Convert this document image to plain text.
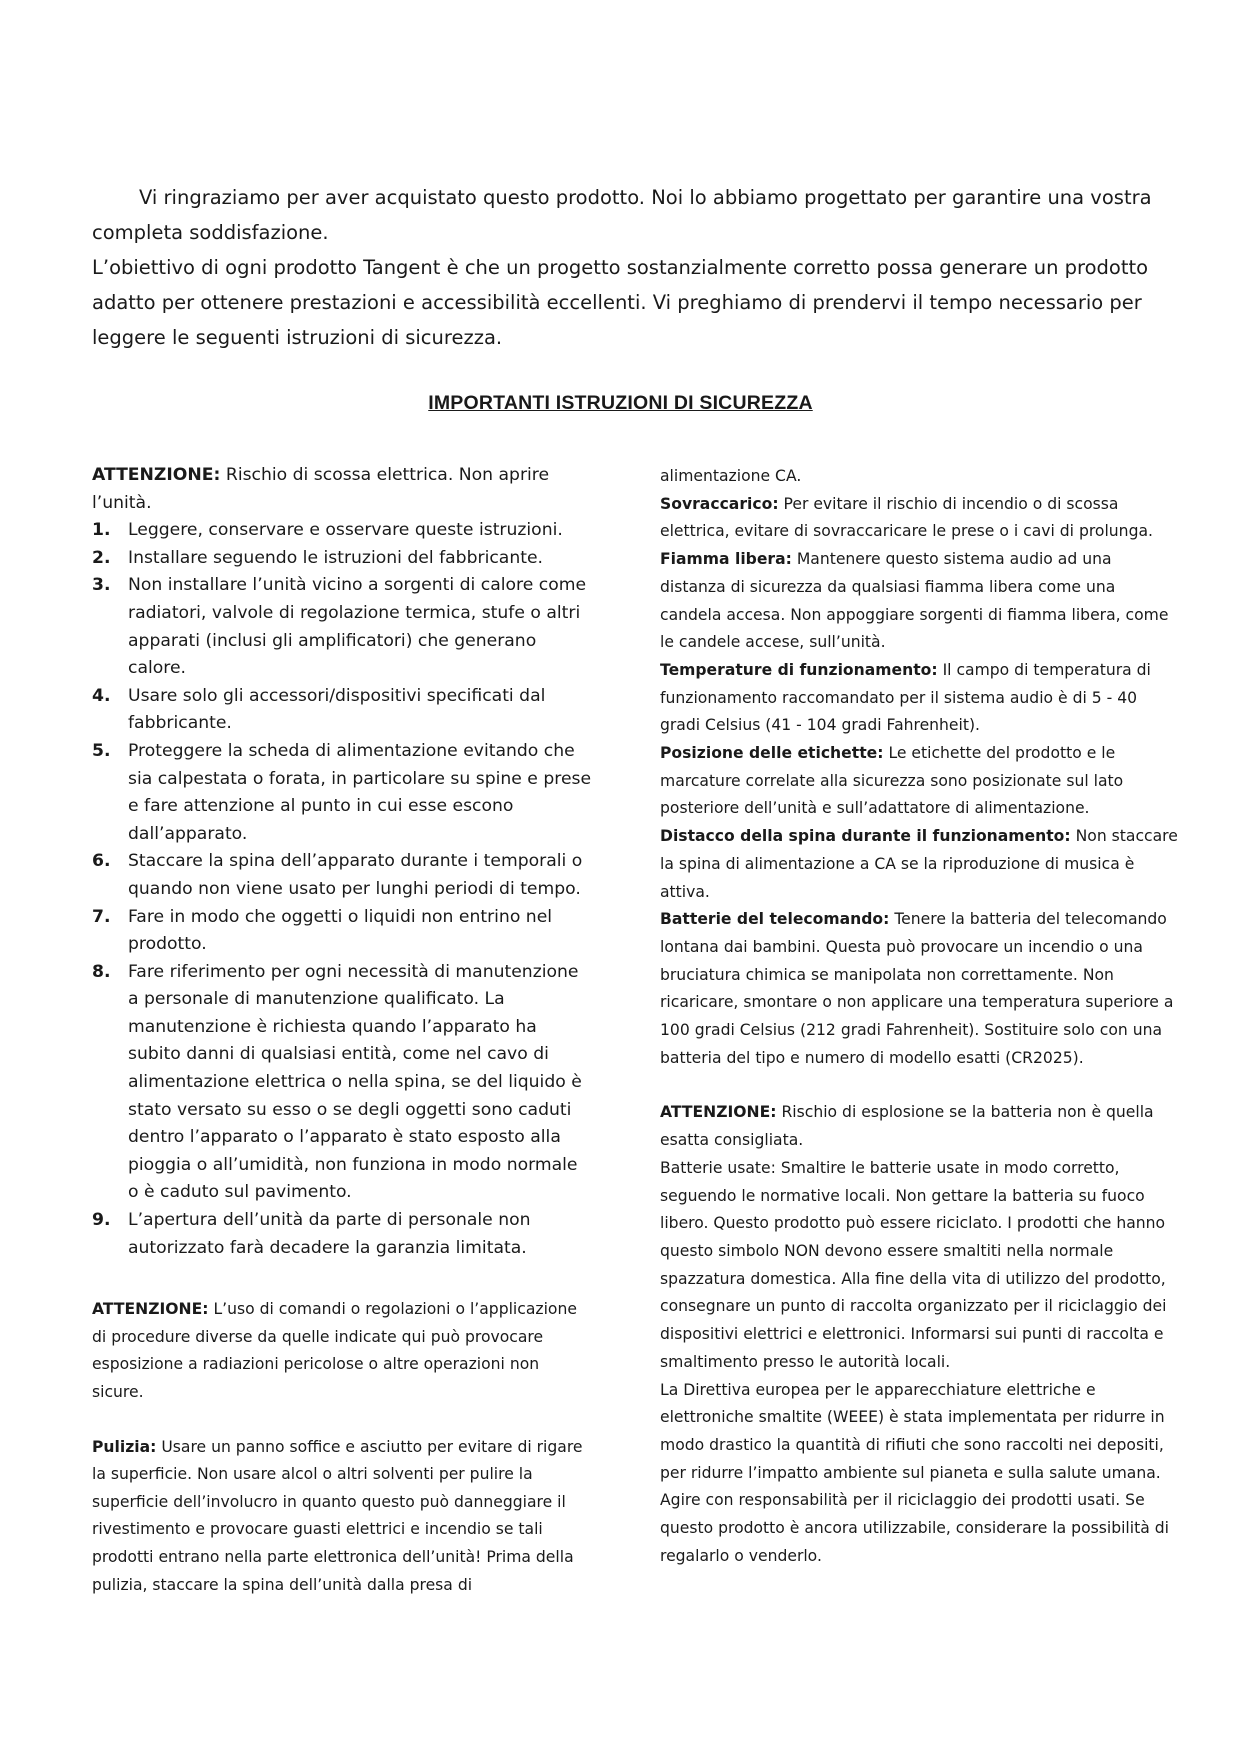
Vi ringraziamo per aver acquistato questo prodotto. Noi lo abbiamo progettato per garantire una vostra completa soddisfazione.

L’obiettivo di ogni prodotto Tangent è che un progetto sostanzialmente corretto possa generare un prodotto adatto per ottenere prestazioni e accessibilità eccellenti. Vi preghiamo di prendervi il tempo necessario per leggere le seguenti istruzioni di sicurezza.

IMPORTANTI ISTRUZIONI DI SICUREZZA

ATTENZIONE: Rischio di scossa elettrica. Non aprire l’unità.

1. Leggere, conservare e osservare queste istruzioni.
2. Installare seguendo le istruzioni del fabbricante.
3. Non installare l’unità vicino a sorgenti di calore come radiatori, valvole di regolazione termica, stufe o altri apparati (inclusi gli amplificatori) che generano calore.
4. Usare solo gli accessori/dispositivi specificati dal fabbricante.
5. Proteggere la scheda di alimentazione evitando che sia calpestata o forata, in particolare su spine e prese e fare attenzione al punto in cui esse escono dall’apparato.
6. Staccare la spina dell’apparato durante i temporali o quando non viene usato per lunghi periodi di tempo.
7. Fare in modo che oggetti o liquidi non entrino nel prodotto.
8. Fare riferimento per ogni necessità di manutenzione a personale di manutenzione qualificato. La manutenzione è richiesta quando l’apparato ha subito danni di qualsiasi entità, come nel cavo di alimentazione elettrica o nella spina, se del liquido è stato versato su esso o se degli oggetti sono caduti dentro l’apparato o l’apparato è stato esposto alla pioggia o all’umidità, non funziona in modo normale o è caduto sul pavimento.
9. L’apertura dell’unità da parte di personale non autorizzato farà decadere la garanzia limitata.

ATTENZIONE: L’uso di comandi o regolazioni o l’applicazione di procedure diverse da quelle indicate qui può provocare esposizione a radiazioni pericolose o altre operazioni non sicure.

Pulizia: Usare un panno soffice e asciutto per evitare di rigare la superficie. Non usare alcol o altri solventi per pulire la superficie dell’involucro in quanto questo può danneggiare il rivestimento e provocare guasti elettrici e incendio se tali prodotti entrano nella parte elettronica dell’unità! Prima della pulizia, staccare la spina dell’unità dalla presa di

alimentazione CA.

Sovraccarico: Per evitare il rischio di incendio o di scossa elettrica, evitare di sovraccaricare le prese o i cavi di prolunga.

Fiamma libera: Mantenere questo sistema audio ad una distanza di sicurezza da qualsiasi fiamma libera come una candela accesa. Non appoggiare sorgenti di fiamma libera, come le candele accese, sull’unità.

Temperature di funzionamento: Il campo di temperatura di funzionamento raccomandato per il sistema audio è di 5 - 40 gradi Celsius (41 - 104 gradi Fahrenheit).

Posizione delle etichette: Le etichette del prodotto e le marcature correlate alla sicurezza sono posizionate sul lato posteriore dell’unità e sull’adattatore di alimentazione.

Distacco della spina durante il funzionamento: Non staccare la spina di alimentazione a CA se la riproduzione di musica è attiva.

Batterie del telecomando: Tenere la batteria del telecomando lontana dai bambini. Questa può provocare un incendio o una bruciatura chimica se manipolata non correttamente. Non ricaricare, smontare o non applicare una temperatura superiore a 100 gradi Celsius (212 gradi Fahrenheit). Sostituire solo con una batteria del tipo e numero di modello esatti (CR2025).

ATTENZIONE: Rischio di esplosione se la batteria non è quella esatta consigliata.

Batterie usate: Smaltire le batterie usate in modo corretto, seguendo le normative locali. Non gettare la batteria su fuoco libero. Questo prodotto può essere riciclato. I prodotti che hanno questo simbolo NON devono essere smaltiti nella normale spazzatura domestica. Alla fine della vita di utilizzo del prodotto, consegnare un punto di raccolta organizzato per il riciclaggio dei dispositivi elettrici e elettronici. Informarsi sui punti di raccolta e smaltimento presso le autorità locali.

La Direttiva europea per le apparecchiature elettriche e elettroniche smaltite (WEEE) è stata implementata per ridurre in modo drastico la quantità di rifiuti che sono raccolti nei depositi, per ridurre l’impatto ambiente sul pianeta e sulla salute umana. Agire con responsabilità per il riciclaggio dei prodotti usati. Se questo prodotto è ancora utilizzabile, considerare la possibilità di regalarlo o venderlo.
